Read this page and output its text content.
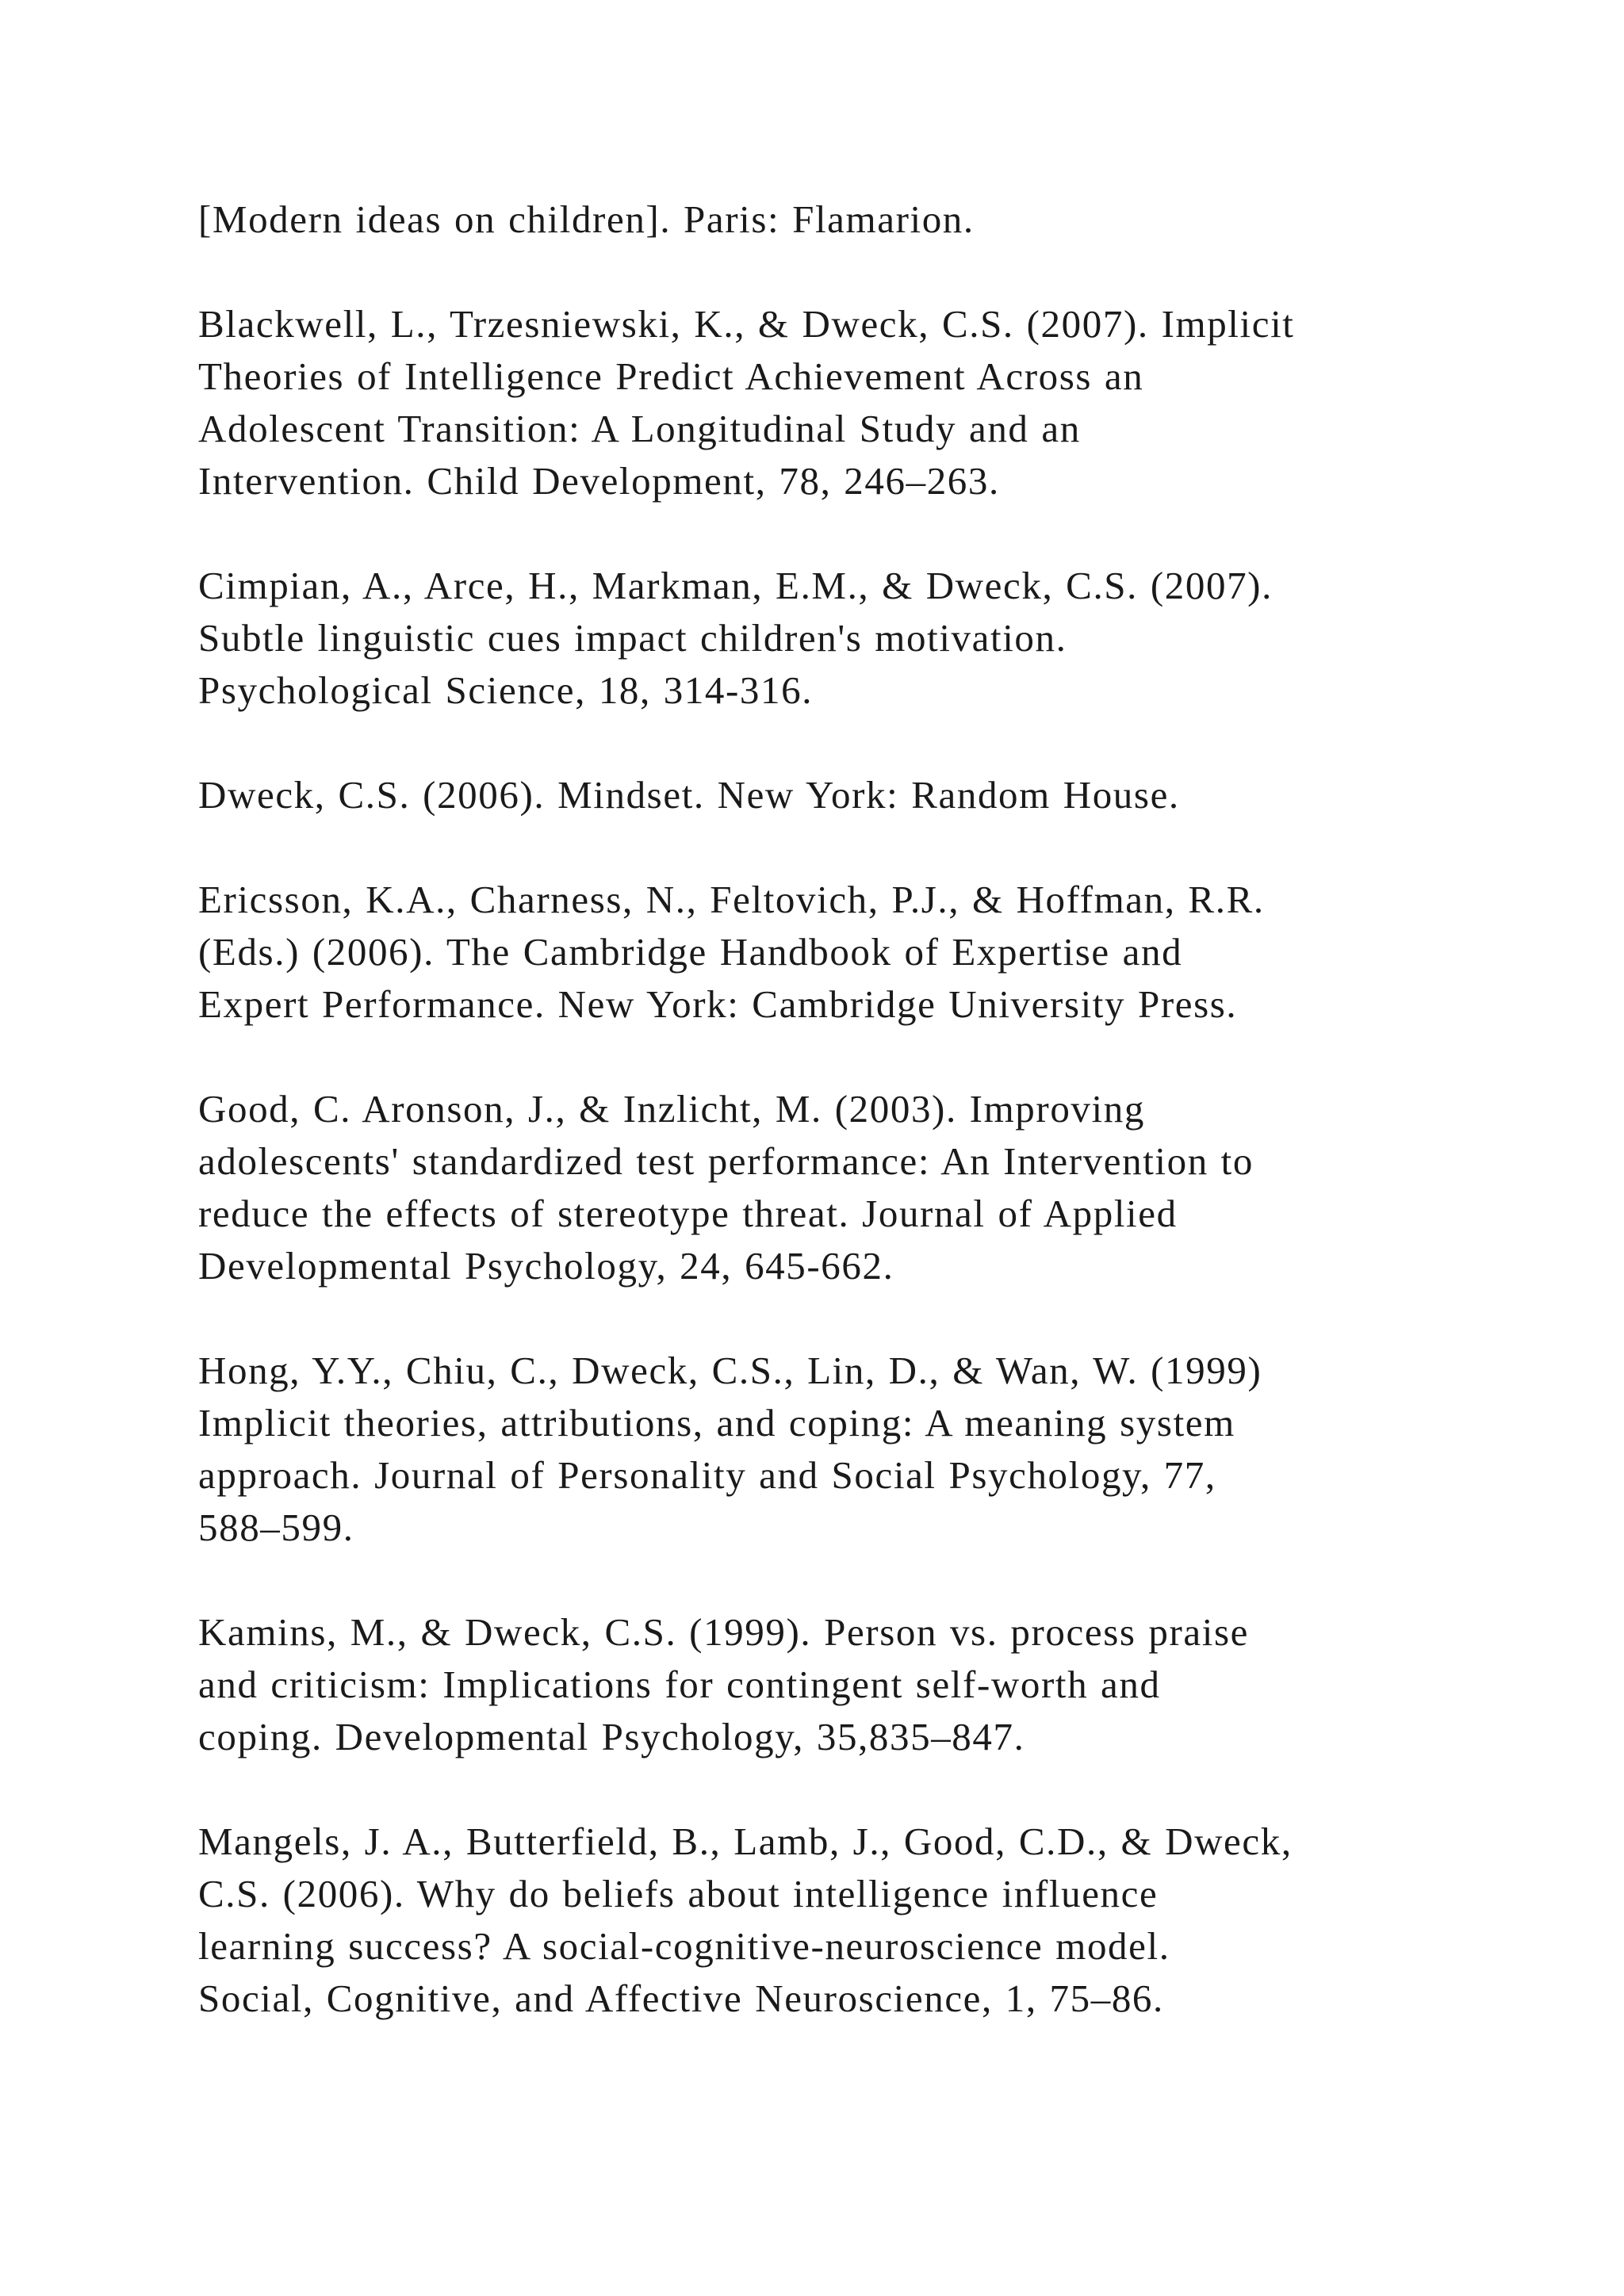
[Modern ideas on children]. Paris: Flamarion.
Blackwell, L., Trzesniewski, K., & Dweck, C.S. (2007). Implicit
Theories of Intelligence Predict Achievement Across an
Adolescent Transition: A Longitudinal Study and an
Intervention. Child Development, 78, 246–263.
Cimpian, A., Arce, H., Markman, E.M., & Dweck, C.S. (2007).
Subtle linguistic cues impact children's motivation.
Psychological Science, 18, 314-316.
Dweck, C.S. (2006). Mindset. New York: Random House.
Ericsson, K.A., Charness, N., Feltovich, P.J., & Hoffman, R.R.
(Eds.) (2006). The Cambridge Handbook of Expertise and
Expert Performance. New York: Cambridge University Press.
Good, C. Aronson, J., & Inzlicht, M. (2003). Improving
adolescents' standardized test performance: An Intervention to
reduce the effects of stereotype threat. Journal of Applied
Developmental Psychology, 24, 645-662.
Hong, Y.Y., Chiu, C., Dweck, C.S., Lin, D., & Wan, W. (1999)
Implicit theories, attributions, and coping: A meaning system
approach. Journal of Personality and Social Psychology, 77,
588–599.
Kamins, M., & Dweck, C.S. (1999). Person vs. process praise
and criticism: Implications for contingent self-worth and
coping. Developmental Psychology, 35,835–847.
Mangels, J. A., Butterfield, B., Lamb, J., Good, C.D., & Dweck,
C.S. (2006). Why do beliefs about intelligence influence
learning success? A social-cognitive-neuroscience model.
Social, Cognitive, and Affective Neuroscience, 1, 75–86.
